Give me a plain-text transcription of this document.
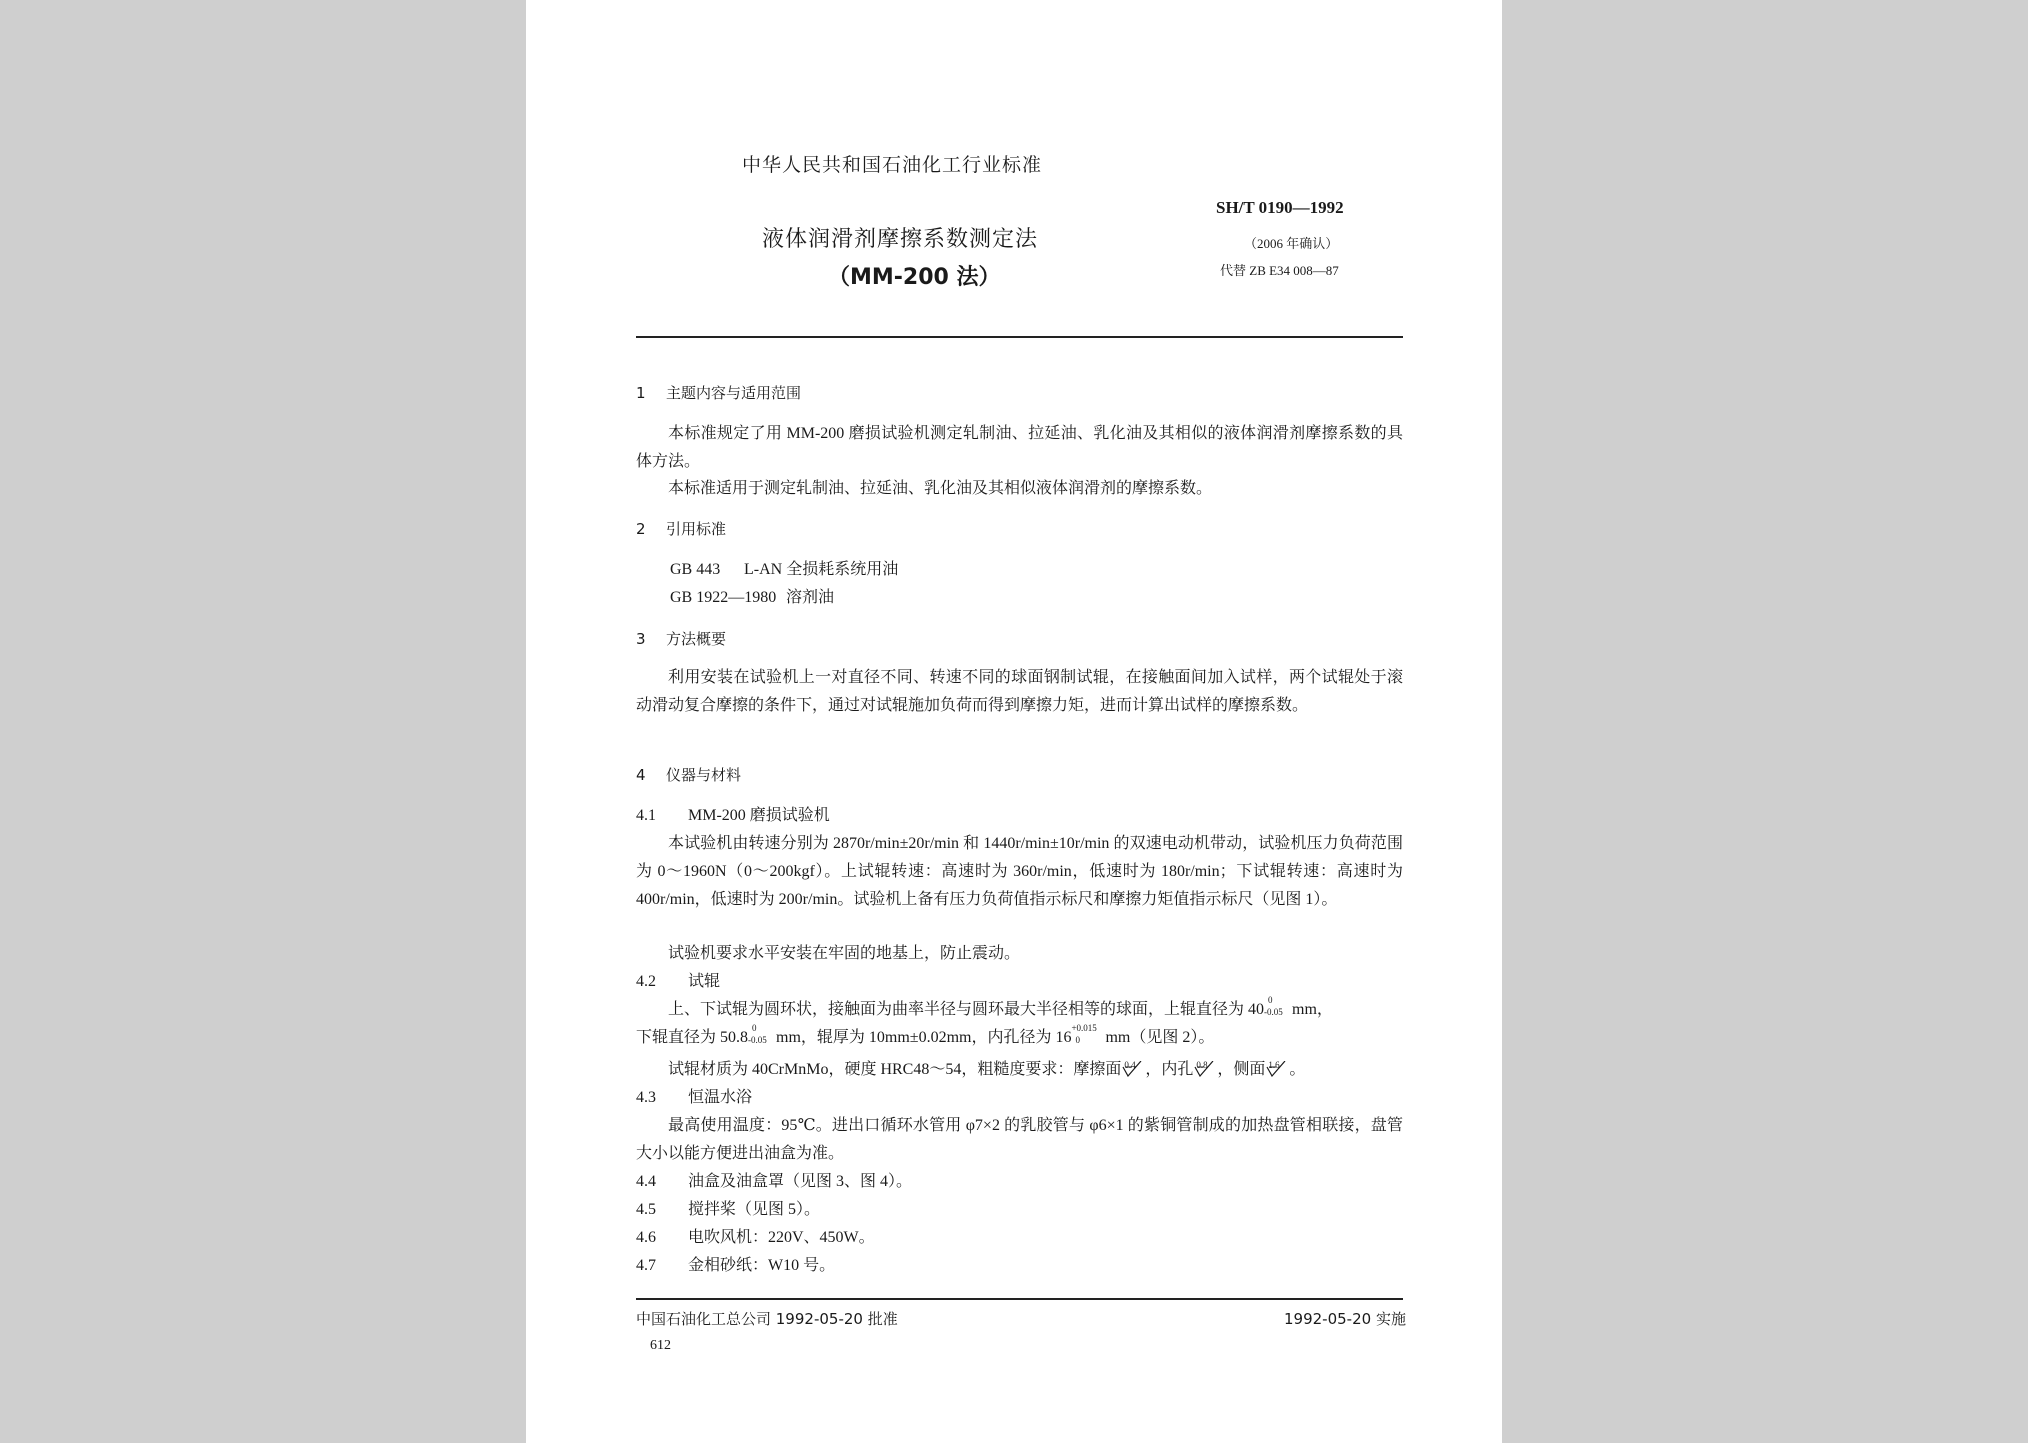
中华人民共和国石油化工行业标准
液体润滑剂摩擦系数测定法
（MM-200 法）
SH/T 0190—1992
（2006 年确认）
代替 ZB E34 008—87
1 主题内容与适用范围

本标准规定了用 MM-200 磨损试验机测定轧制油、拉延油、乳化油及其相似的液体润滑剂摩擦系数的具体方法。

本标准适用于测定轧制油、拉延油、乳化油及其相似液体润滑剂的摩擦系数。

2 引用标准
GB 443 L-AN 全损耗系统用油
GB 1922—1980 溶剂油
3 方法概要

利用安装在试验机上一对直径不同、转速不同的球面钢制试辊，在接触面间加入试样，两个试辊处于滚动滑动复合摩擦的条件下，通过对试辊施加负荷而得到摩擦力矩，进而计算出试样的摩擦系数。

4 仪器与材料
4.1 MM-200 磨损试验机

本试验机由转速分别为 2870r/min±20r/min 和 1440r/min±10r/min 的双速电动机带动，试验机压力负荷范围为 0～1960N（0～200kgf）。上试辊转速：高速时为 360r/min，低速时为 180r/min；下试辊转速：高速时为 400r/min，低速时为 200r/min。试验机上备有压力负荷值指示标尺和摩擦力矩值指示标尺（见图 1）。

试验机要求水平安装在牢固的地基上，防止震动。

4.2 试辊
上、下试辊为圆环状，接触面为曲率半径与圆环最大半径相等的球面，上辊直径为 40
0
-0.05 mm，
下辊直径为 50.8
0
-0.05 mm，辊厚为 10mm±0.02mm，内孔径为 16
+0.015
0 mm（见图 2）。
试辊材质为 40CrMnMo，硬度 HRC48～54，粗糙度要求：摩擦面 0.4 ，内孔 0.8 ，侧面 1.6 。
4.3 恒温水浴

最高使用温度：95℃。进出口循环水管用 φ7×2 的乳胶管与 φ6×1 的紫铜管制成的加热盘管相联接，盘管大小以能方便进出油盒为准。

4.4 油盒及油盒罩（见图 3、图 4）。
4.5 搅拌桨（见图 5）。
4.6 电吹风机：220V、450W。
4.7 金相砂纸：W10 号。
中国石油化工总公司 1992-05-20 批准	1992-05-20 实施
612
